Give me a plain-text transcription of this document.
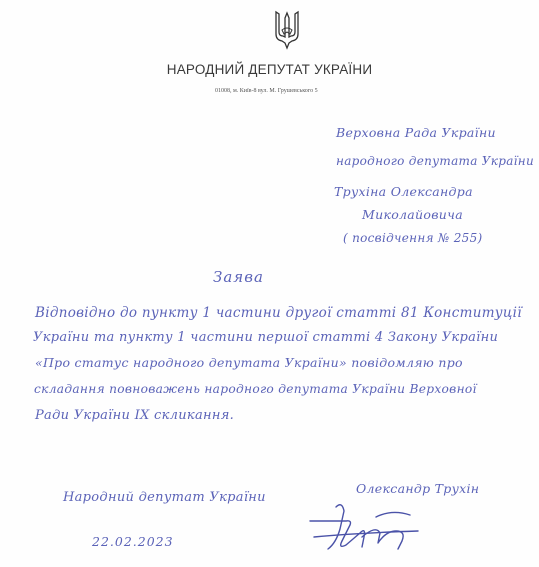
НАРОДНИЙ ДЕПУТАТ УКРАЇНИ
01008, м. Київ-8 вул. М. Грушевського 5
Верховна Рада України
народного депутата України
Трухіна Олександра
Миколайовича
( посвідчення № 255)
Заява
Відповідно до пункту 1 частини другої статті 81 Конституції
України та пункту 1 частини першої статті 4 Закону України
«Про статус народного депутата України» повідомляю про
складання повноважень народного депутата України Верховної
Ради України IX скликання.
Народний депутат України
Олександр Трухін
22.02.2023
